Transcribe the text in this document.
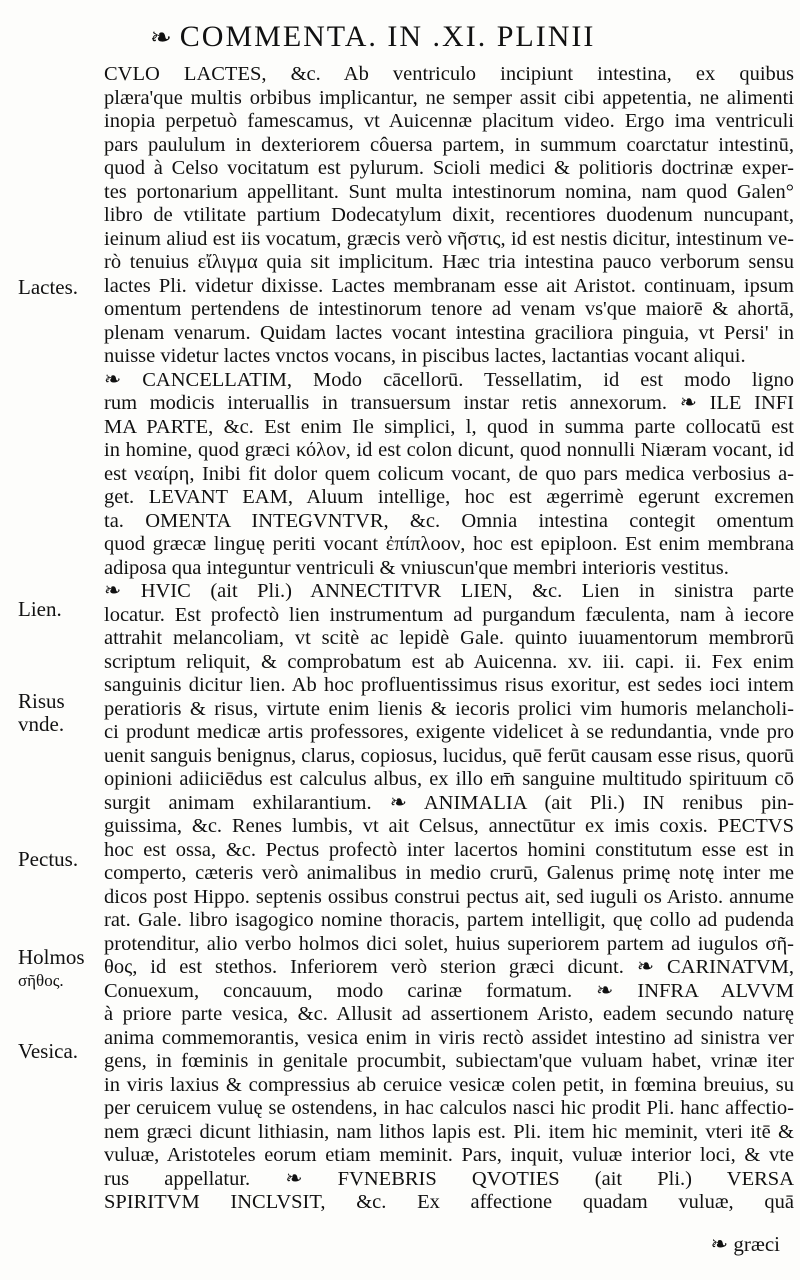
❧ COMMENTA. IN .XI. PLINII
Lactes.
Lien.
Risus
vnde.
Pectus.
Holmos
σῆθος.
Vesica.
CVLO LACTES, &c. Ab ventriculo incipiunt intestina, ex quibus
plæra'que multis orbibus implicantur, ne semper assit cibi appetentia, ne alimenti
inopia perpetuò famescamus, vt Auicennæ placitum video. Ergo ima ventriculi
pars paululum in dexteriorem côuersa partem, in summum coarctatur intestinū,
quod à Celso vocitatum est pylurum. Scioli medici & politioris doctrinæ exper-
tes portonarium appellitant. Sunt multa intestinorum nomina, nam quod Galen°
libro de vtilitate partium Dodecatylum dixit, recentiores duodenum nuncupant,
ieinum aliud est iis vocatum, græcis verò νῆστις, id est nestis dicitur, intestinum ve-
rò tenuius εἴλιγμα quia sit implicitum. Hæc tria intestina pauco verborum sensu
lactes Pli. videtur dixisse. Lactes membranam esse ait Aristot. continuam, ipsum
omentum pertendens de intestinorum tenore ad venam vs'que maiorē & ahortā,
plenam venarum. Quidam lactes vocant intestina graciliora pinguia, vt Persi' in
nuisse videtur lactes vnctos vocans, in piscibus lactes, lactantias vocant aliqui.
❧ CANCELLATIM, Modo cācellorū. Tessellatim, id est modo ligno
rum modicis interuallis in transuersum instar retis annexorum. ❧ ILE INFI
MA PARTE, &c. Est enim Ile simplici, l, quod in summa parte collocatū est
in homine, quod græci κόλον, id est colon dicunt, quod nonnulli Niæram vocant, id
est νεαίρη, Inibi fit dolor quem colicum vocant, de quo pars medica verbosius a-
get. LEVANT EAM, Aluum intellige, hoc est ægerrimè egerunt excremen
ta. OMENTA INTEGVNTVR, &c. Omnia intestina contegit omentum
quod græcæ linguę periti vocant ἐπίπλοον, hoc est epiploon. Est enim membrana
adiposa qua integuntur ventriculi & vniuscun'que membri interioris vestitus.
❧ HVIC (ait Pli.) ANNECTITVR LIEN, &c. Lien in sinistra parte
locatur. Est profectò lien instrumentum ad purgandum fæculenta, nam à iecore
attrahit melancoliam, vt scitè ac lepidè Gale. quinto iuuamentorum membrorū
scriptum reliquit, & comprobatum est ab Auicenna. xv. iii. capi. ii. Fex enim
sanguinis dicitur lien. Ab hoc profluentissimus risus exoritur, est sedes ioci intem
peratioris & risus, virtute enim lienis & iecoris prolici vim humoris melancholi-
ci produnt medicæ artis professores, exigente videlicet à se redundantia, vnde pro
uenit sanguis benignus, clarus, copiosus, lucidus, quē ferūt causam esse risus, quorū
opinioni adiiciēdus est calculus albus, ex illo em̄ sanguine multitudo spirituum cō
surgit animam exhilarantium. ❧ ANIMALIA (ait Pli.) IN renibus pin-
guissima, &c. Renes lumbis, vt ait Celsus, annectūtur ex imis coxis. PECTVS
hoc est ossa, &c. Pectus profectò inter lacertos homini constitutum esse est in
comperto, cæteris verò animalibus in medio crurū, Galenus primę notę inter me
dicos post Hippo. septenis ossibus construi pectus ait, sed iuguli os Aristo. annume
rat. Gale. libro isagogico nomine thoracis, partem intelligit, quę collo ad pudenda
protenditur, alio verbo holmos dici solet, huius superiorem partem ad iugulos σῆ-
θος, id est stethos. Inferiorem verò sterion græci dicunt. ❧ CARINATVM,
Conuexum, concauum, modo carinæ formatum. ❧ INFRA ALVVM
à priore parte vesica, &c. Allusit ad assertionem Aristo, eadem secundo naturę
anima commemorantis, vesica enim in viris rectò assidet intestino ad sinistra ver
gens, in fœminis in genitale procumbit, subiectam'que vuluam habet, vrinæ iter
in viris laxius & compressius ab ceruice vesicæ colen petit, in fœmina breuius, su
per ceruicem vuluę se ostendens, in hac calculos nasci hic prodit Pli. hanc affectio-
nem græci dicunt lithiasin, nam lithos lapis est. Pli. item hic meminit, vteri itē &
vuluæ, Aristoteles eorum etiam meminit. Pars, inquit, vuluæ interior loci, & vte
rus appellatur. ❧ FVNEBRIS QVOTIES (ait Pli.) VERSA
SPIRITVM INCLVSIT, &c. Ex affectione quadam vuluæ, quā
❧ græci
